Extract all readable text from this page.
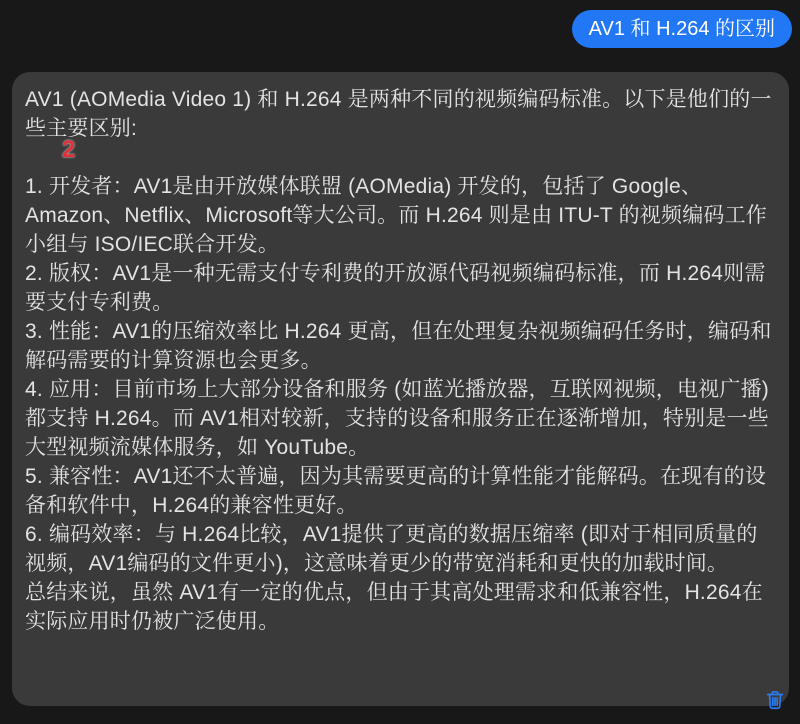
AV1 和 H.264 的区别
2

AV1 (AOMedia Video 1) 和 H.264 是两种不同的视频编码标准。以下是他们的一些主要区别:

1. 开发者：AV1是由开放媒体联盟 (AOMedia) 开发的，包括了 Google、Amazon、Netflix、Microsoft等大公司。而 H.264 则是由 ITU-T 的视频编码工作小组与 ISO/IEC联合开发。

2. 版权：AV1是一种无需支付专利费的开放源代码视频编码标准，而 H.264则需要支付专利费。

3. 性能：AV1的压缩效率比 H.264 更高，但在处理复杂视频编码任务时，编码和解码需要的计算资源也会更多。

4. 应用：目前市场上大部分设备和服务 (如蓝光播放器，互联网视频，电视广播) 都支持 H.264。而 AV1相对较新，支持的设备和服务正在逐渐增加，特别是一些大型视频流媒体服务，如 YouTube。

5. 兼容性：AV1还不太普遍，因为其需要更高的计算性能才能解码。在现有的设备和软件中，H.264的兼容性更好。

6. 编码效率：与 H.264比较，AV1提供了更高的数据压缩率 (即对于相同质量的视频，AV1编码的文件更小)，这意味着更少的带宽消耗和更快的加载时间。

总结来说，虽然 AV1有一定的优点，但由于其高处理需求和低兼容性，H.264在实际应用时仍被广泛使用。
